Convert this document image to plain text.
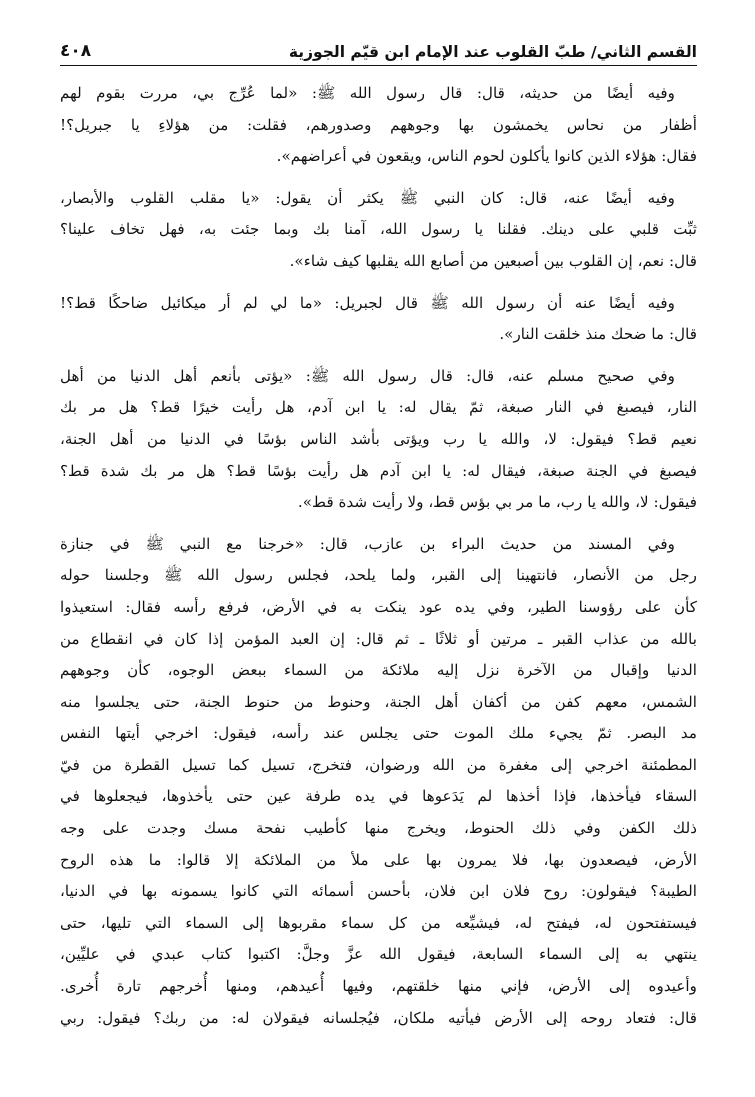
القسم الثاني/ طبّ القلوب عند الإمام ابن قيّم الجوزية
٤٠٨
وفيه أيضًا من حديثه، قال: قال رسول الله ﷺ: «لما عُرِّج بي، مررت بقوم لهم
أظفار من نحاس يخمشون بها وجوههم وصدورهم، فقلت: من هؤلاءِ يا جبريل؟!
فقال: هؤلاء الذين كانوا يأكلون لحوم الناس، ويقعون في أعراضهم».
وفيه أيضًا عنه، قال: كان النبي ﷺ يكثر أن يقول: «يا مقلب القلوب والأبصار،
ثبِّت قلبي على دينك. فقلنا يا رسول الله، آمنا بك وبما جئت به، فهل تخاف علينا؟
قال: نعم، إن القلوب بين أصبعين من أصابع الله يقلبها كيف شاء».
وفيه أيضًا عنه أن رسول الله ﷺ قال لجبريل: «ما لي لم أر ميكائيل ضاحكًا قط؟!
قال: ما ضحك منذ خلقت النار».
وفي صحيح مسلم عنه، قال: قال رسول الله ﷺ: «يؤتى بأنعم أهل الدنيا من أهل
النار، فيصبغ في النار صبغة، ثمّ يقال له: يا ابن آدم، هل رأيت خيرًا قط؟ هل مر بك
نعيم قط؟ فيقول: لا، والله يا رب ويؤتى بأشد الناس بؤسًا في الدنيا من أهل الجنة،
فيصبغ في الجنة صبغة، فيقال له: يا ابن آدم هل رأيت بؤسًا قط؟ هل مر بك شدة قط؟
فيقول: لا، والله يا رب، ما مر بي بؤس قط، ولا رأيت شدة قط».
وفي المسند من حديث البراء بن عازب، قال: «خرجنا مع النبي ﷺ في جنازة
رجل من الأنصار، فانتهينا إلى القبر، ولما يلحد، فجلس رسول الله ﷺ وجلسنا حوله
كأن على رؤوسنا الطير، وفي يده عود ينكت به في الأرض، فرفع رأسه فقال: استعيذوا
بالله من عذاب القبر ـ مرتين أو ثلاثًا ـ ثم قال: إن العبد المؤمن إذا كان في انقطاع من
الدنيا وإقبال من الآخرة نزل إليه ملائكة من السماء ببعض الوجوه، كأن وجوههم
الشمس، معهم كفن من أكفان أهل الجنة، وحنوط من حنوط الجنة، حتى يجلسوا منه
مد البصر. ثمّ يجيء ملك الموت حتى يجلس عند رأسه، فيقول: اخرجي أيتها النفس
المطمئنة اخرجي إلى مغفرة من الله ورضوان، فتخرج، تسيل كما تسيل القطرة من فيّ
السقاء فيأخذها، فإذا أخذها لم يَدَعوها في يده طرفة عين حتى يأخذوها، فيجعلوها في
ذلك الكفن وفي ذلك الحنوط، ويخرج منها كأطيب نفحة مسك وجدت على وجه
الأرض، فيصعدون بها، فلا يمرون بها على ملأ من الملائكة إلا قالوا: ما هذه الروح
الطيبة؟ فيقولون: روح فلان ابن فلان، بأحسن أسمائه التي كانوا يسمونه بها في الدنيا،
فيستفتحون له، فيفتح له، فيشيِّعه من كل سماء مقربوها إلى السماء التي تليها، حتى
ينتهي به إلى السماء السابعة، فيقول الله عزَّ وجلَّ: اكتبوا كتاب عبدي في عليِّين،
وأعيدوه إلى الأرض، فإني منها خلقتهم، وفيها أُعيدهم، ومنها أُخرجهم تارة أُخرى.
قال: فتعاد روحه إلى الأرض فيأتيه ملكان، فيُجلسانه فيقولان له: من ربك؟ فيقول: ربي
